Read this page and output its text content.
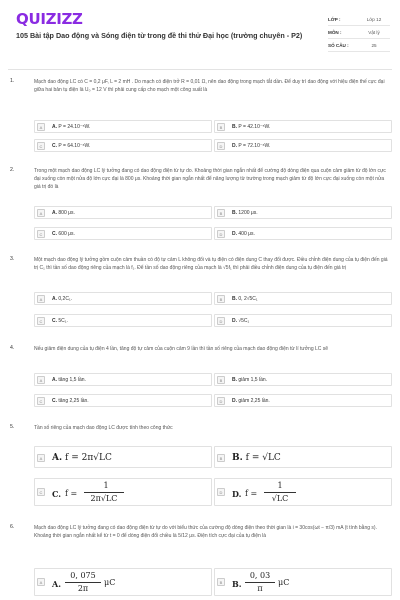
QUIZIZZ
105 Bài tập Dao động và Sóng điện từ trong đề thi thử Đại học (trường chuyên - P2)
LỚP :	Lớp 12
MÔN :	Vật lý
SỐ CÂU :	25
1.	Mạch dao động LC có C = 0,2 μF, L = 2 mH . Do mạch có điện trở R = 0,01 Ω, nên dao động trong mạch tắt dần. Để duy trì dao động với hiệu điện thế cực đại giữa hai bản tụ điện là U₀ = 12 V thì phải cung cấp cho mạch một công suất là
A	A. P = 24.10⁻⁵W.	B	B. P = 42.10⁻⁵W.
C	C. P = 64.10⁻⁶W.	D	D. P = 72.10⁻⁶W.
2.	Trong một mạch dao động LC lý tưởng đang có dao động điện từ tự do. Khoảng thời gian ngắn nhất để cường độ dòng điện qua cuộn cảm giảm từ độ lớn cực đại xuống còn một nửa độ lớn cực đại là 800 μs. Khoảng thời gian ngắn nhất để năng lượng từ trường trong mạch giảm từ độ lớn cực đại xuống còn một nửa giá trị đó là
A	A. 800 μs.	B	B. 1200 μs.
C	C. 600 μs.	D	D. 400 μs.
3.	Một mạch dao động lý tưởng gồm cuộn cảm thuần có độ tự cảm L không đổi và tụ điện có điện dung C thay đổi được. Điều chỉnh điện dung của tụ điện đến giá trị C₁ thì tần số dao động riêng của mạch là f₁. Để tần số dao động riêng của mạch là √5f₁ thì phải điều chỉnh điện dung của tụ điện đến giá trị
A	A. 0,2C₁.	B	B. 0, 2√5C₁
C	C. 5C₁.	D	D. √5C₁
4.	Nếu giảm điện dung của tụ điện 4 lần, tăng độ tự cảm của cuộn cảm 9 lần thì tần số riêng của mạch dao động điện từ lí tưởng LC sẽ
A	A. tăng 1,5 lần.	B	B. giảm 1,5 lần.
C	C. tăng 2,25 lần.	D	D. giảm 2,25 lần.
5.	Tần số riêng của mạch dao động LC được tính theo công thức
A A. f = 2π√LC	B B. f = √LC
C	C. f =
1
2π√LC
D	D. f =
1
√LC
6.	Mạch dao động LC lý tưởng đang có dao động điện từ tự do với biểu thức của cường độ dòng điện theo thời gian là i = 30cos(ωt − π/3) mA (t tính bằng s). Khoảng thời gian ngắn nhất kể từ t = 0 để dòng điện đổi chiều là 5/12 μs. Điện tích cực đại của tụ điện là
A	A.
0, 075
2π
μC	B	B.
0, 03
π
μC
